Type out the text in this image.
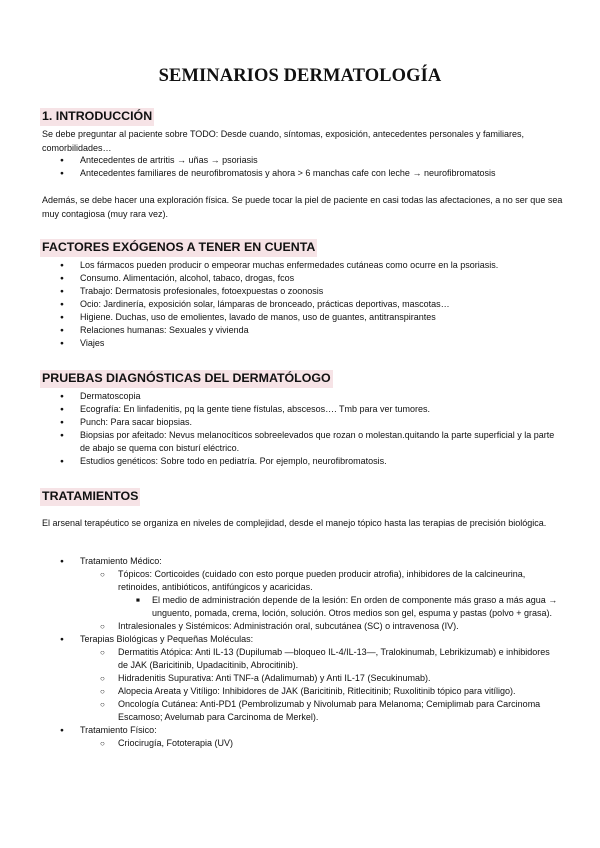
SEMINARIOS DERMATOLOGÍA
1. INTRODUCCIÓN
Se debe preguntar al paciente sobre TODO: Desde cuando, síntomas, exposición, antecedentes personales y familiares, comorbilidades…
● Antecedentes de artritis → uñas → psoriasis
● Antecedentes familiares de neurofibromatosis y ahora > 6 manchas cafe con leche → neurofibromatosis
Además, se debe hacer una exploración física. Se puede tocar la piel de paciente en casi todas las afectaciones, a no ser que sea muy contagiosa (muy rara vez).
FACTORES EXÓGENOS A TENER EN CUENTA
● Los fármacos pueden producir o empeorar muchas enfermedades cutáneas como ocurre en la psoriasis.
● Consumo. Alimentación, alcohol, tabaco, drogas, fcos
● Trabajo: Dermatosis profesionales, fotoexpuestas o zoonosis
● Ocio: Jardinería, exposición solar, lámparas de bronceado, prácticas deportivas, mascotas…
● Higiene. Duchas, uso de emolientes, lavado de manos, uso de guantes, antitranspirantes
● Relaciones humanas: Sexuales y vivienda
● Viajes
PRUEBAS DIAGNÓSTICAS DEL DERMATÓLOGO
● Dermatoscopia
● Ecografía: En linfadenitis, pq la gente tiene fístulas, abscesos…. Tmb para ver tumores.
● Punch: Para sacar biopsias.
● Biopsias por afeitado: Nevus melanocíticos sobreelevados que rozan o molestan.quitando la parte superficial y la parte de abajo se quema con bisturí eléctrico.
● Estudios genéticos: Sobre todo en pediatría. Por ejemplo, neurofibromatosis.
TRATAMIENTOS
El arsenal terapéutico se organiza en niveles de complejidad, desde el manejo tópico hasta las terapias de precisión biológica.
● Tratamiento Médico:
○ Tópicos: Corticoides (cuidado con esto porque pueden producir atrofia), inhibidores de la calcineurina, retinoides, antibióticos, antifúngicos y acaricidas.
■ El medio de administración depende de la lesión: En orden de componente más graso a más agua → unguento, pomada, crema, loción, solución. Otros medios son gel, espuma y pastas (polvo + grasa).
○ Intralesionales y Sistémicos: Administración oral, subcutánea (SC) o intravenosa (IV).
● Terapias Biológicas y Pequeñas Moléculas:
○ Dermatitis Atópica: Anti IL-13 (Dupilumab —bloqueo IL-4/IL-13—, Tralokinumab, Lebrikizumab) e inhibidores de JAK (Baricitinib, Upadacitinib, Abrocitinib).
○ Hidradenitis Supurativa: Anti TNF-a (Adalimumab) y Anti IL-17 (Secukinumab).
○ Alopecia Areata y Vitíligo: Inhibidores de JAK (Baricitinib, Ritlecitinib; Ruxolitinib tópico para vitíligo).
○ Oncología Cutánea: Anti-PD1 (Pembrolizumab y Nivolumab para Melanoma; Cemiplimab para Carcinoma Escamoso; Avelumab para Carcinoma de Merkel).
● Tratamiento Físico:
○ Criocirugía, Fototerapia (UV)
